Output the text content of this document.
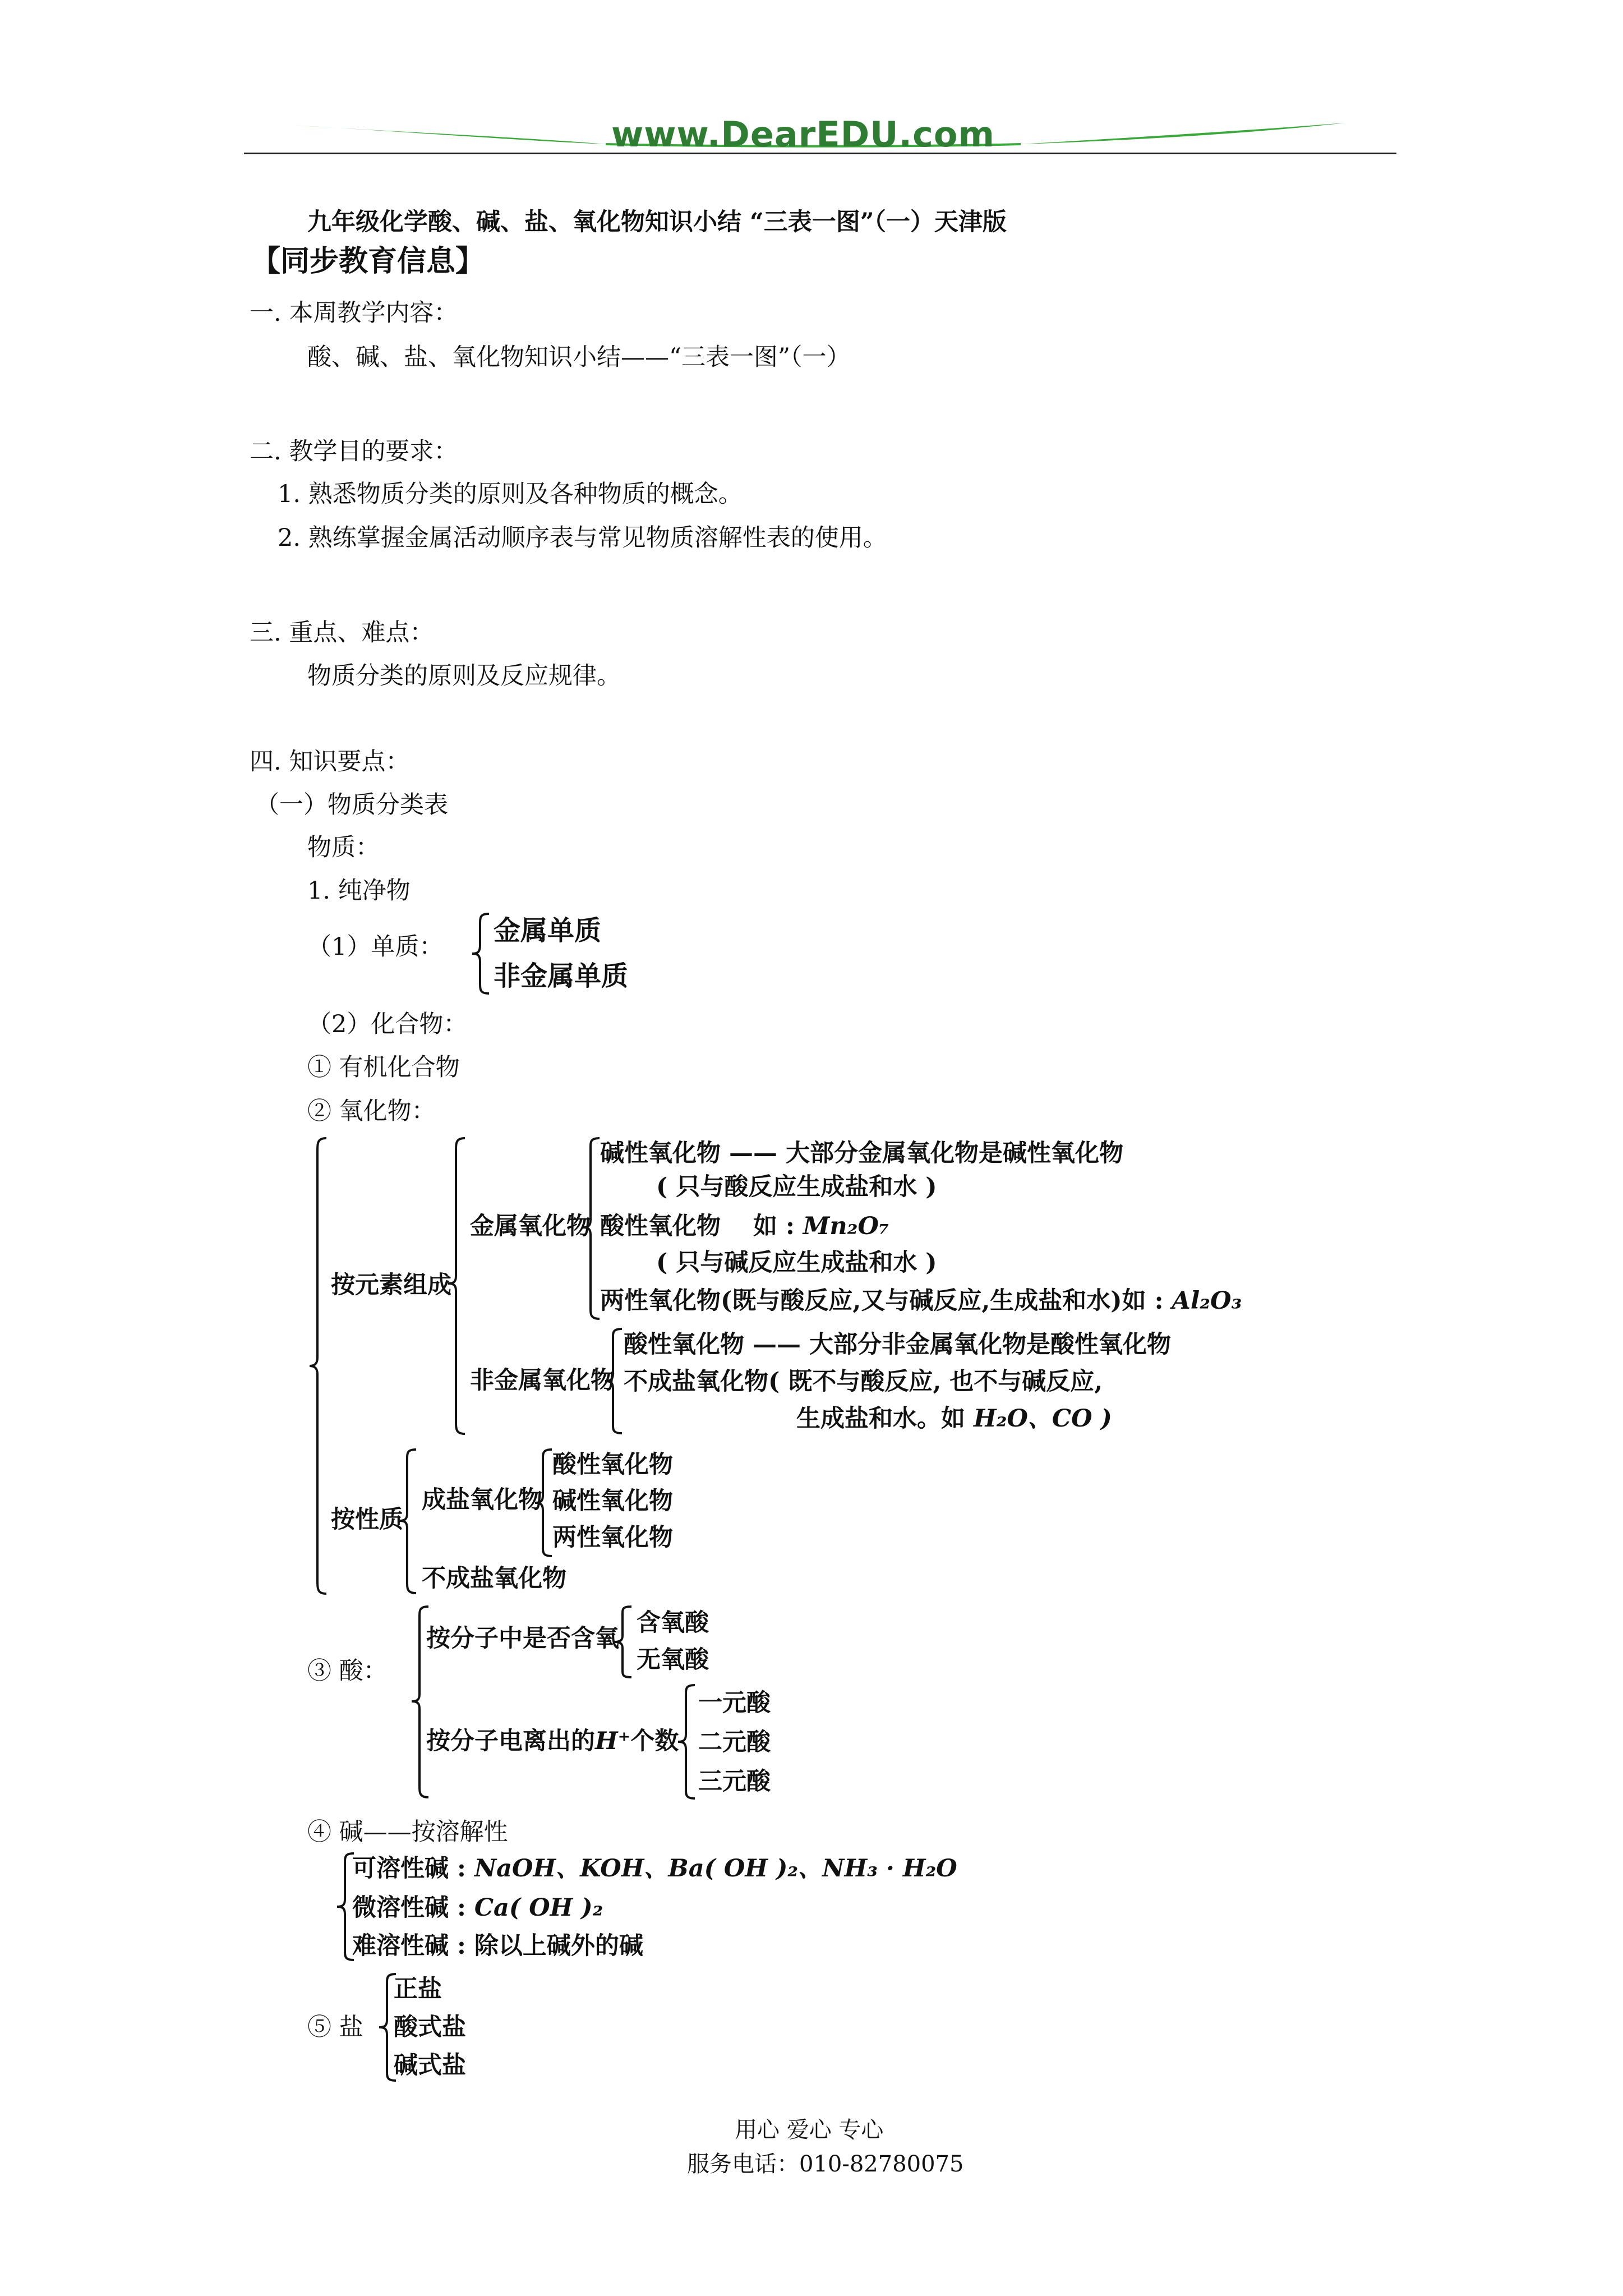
www.DearEDU.com
九年级化学酸、碱、盐、氧化物知识小结 “三表一图”（一）天津版
【同步教育信息】
一. 本周教学内容：
酸、碱、盐、氧化物知识小结——“三表一图”（一）
二. 教学目的要求：
1. 熟悉物质分类的原则及各种物质的概念。
2. 熟练掌握金属活动顺序表与常见物质溶解性表的使用。
三. 重点、难点：
物质分类的原则及反应规律。
四. 知识要点：
（一）物质分类表
物质：
1. 纯净物
（1）单质：
金属单质
非金属单质
（2）化合物：
① 有机化合物
② 氧化物：
按元素组成
金属氧化物
碱性氧化物 —— 大部分金属氧化物是碱性氧化物
( 只与酸反应生成盐和水 )
酸性氧化物　 如 : Mn₂O₇
( 只与碱反应生成盐和水 )
两性氧化物(既与酸反应,又与碱反应,生成盐和水)如 : Al₂O₃
非金属氧化物
酸性氧化物 —— 大部分非金属氧化物是酸性氧化物
不成盐氧化物( 既不与酸反应, 也不与碱反应,
生成盐和水。如 H₂O、CO )
按性质
成盐氧化物
酸性氧化物
碱性氧化物
两性氧化物
不成盐氧化物
③ 酸：
按分子中是否含氧
含氧酸
无氧酸
按分子电离出的H⁺个数
一元酸
二元酸
三元酸
④ 碱——按溶解性
可溶性碱 : NaOH、KOH、Ba( OH )₂、NH₃ · H₂O
微溶性碱 : Ca( OH )₂
难溶性碱 : 除以上碱外的碱
⑤ 盐
正盐
酸式盐
碱式盐
用心 爱心 专心
服务电话：010-82780075
